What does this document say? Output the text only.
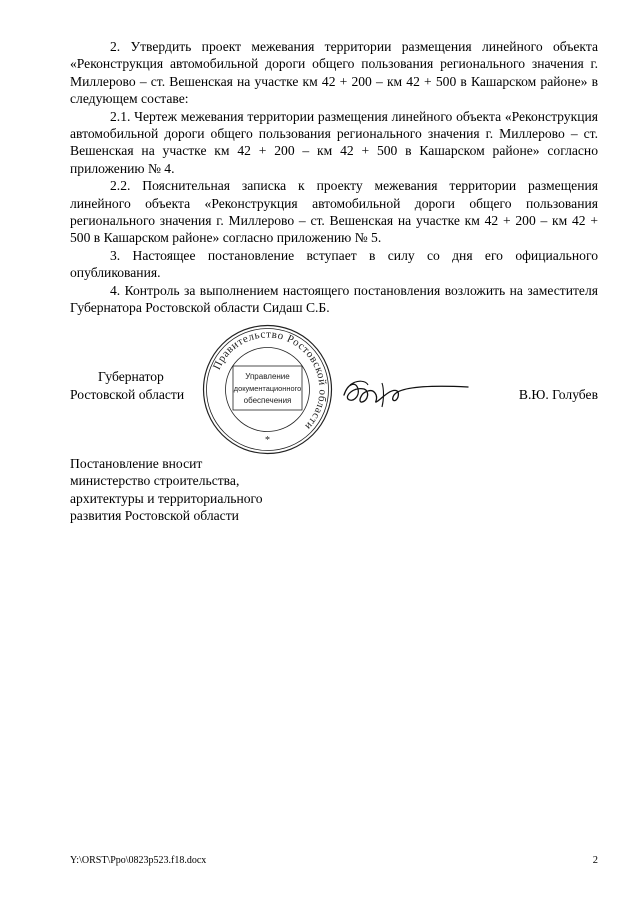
2. Утвердить проект межевания территории размещения линейного объекта «Реконструкция автомобильной дороги общего пользования регионального значения г. Миллерово – ст. Вешенская на участке км 42 + 200 – км 42 + 500 в Кашарском районе» в следующем составе:

2.1. Чертеж межевания территории размещения линейного объекта «Реконструкция автомобильной дороги общего пользования регионального значения г. Миллерово – ст. Вешенская на участке км 42 + 200 – км 42 + 500 в Кашарском районе» согласно приложению № 4.

2.2. Пояснительная записка к проекту межевания территории размещения линейного объекта «Реконструкция автомобильной дороги общего пользования регионального значения г. Миллерово – ст. Вешенская на участке км 42 + 200 – км 42 + 500 в Кашарском районе» согласно приложению № 5.

3. Настоящее постановление вступает в силу со дня его официального опубликования.

4. Контроль за выполнением настоящего постановления возложить на заместителя Губернатора Ростовской области Сидаш С.Б.

Губернатор
Ростовской области
Правительство Ростовской области
Управление
документационного
обеспечения
*
В.Ю. Голубев
Постановление вносит
министерство строительства,
архитектуры и территориального
развития Ростовской области
Y:\ORST\Ppo\0823p523.f18.docx	2
